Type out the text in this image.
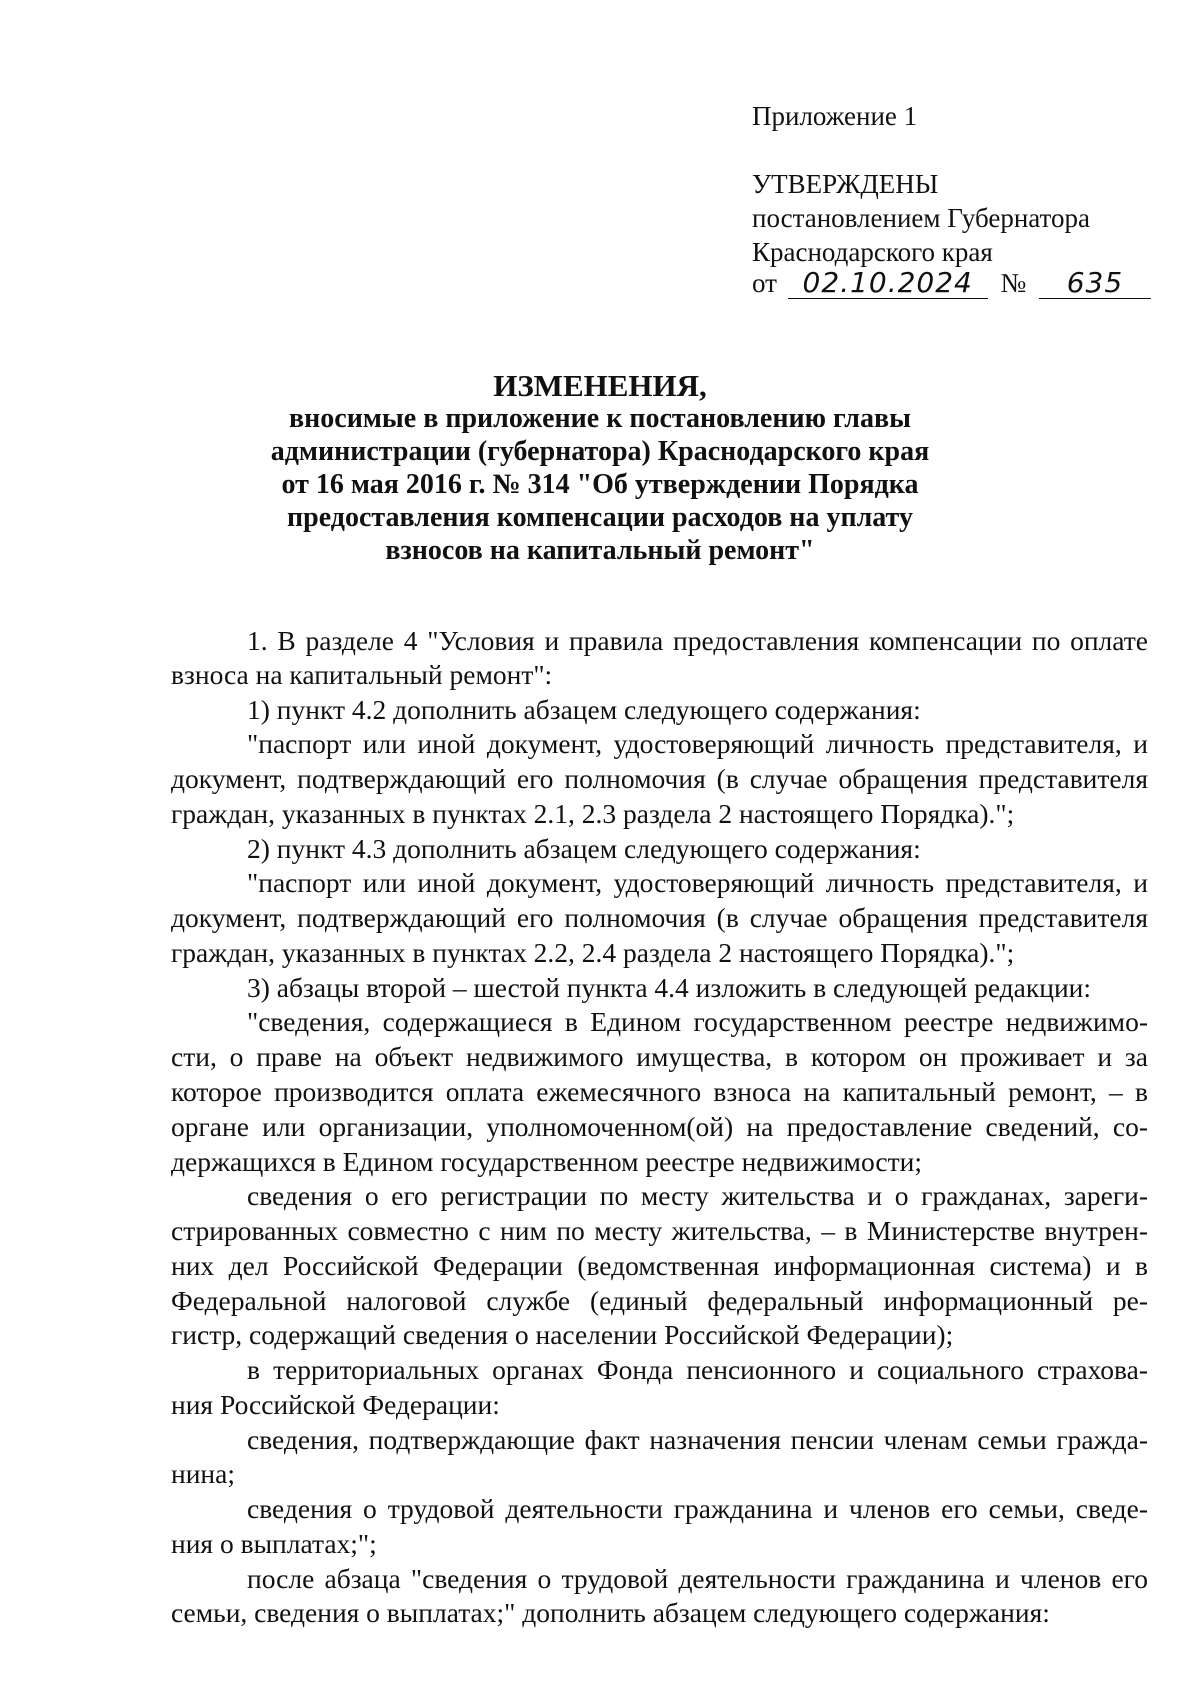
Приложение 1
УТВЕРЖДЕНЫ
постановлением Губернатора
Краснодарского края
от 02.10.2024 № 635
ИЗМЕНЕНИЯ,
вносимые в приложение к постановлению главы
администрации (губернатора) Краснодарского края
от 16 мая 2016 г. № 314 "Об утверждении Порядка
предоставления компенсации расходов на уплату
взносов на капитальный ремонт"
1. В разделе 4 "Условия и правила предоставления компенсации по оплате
взноса на капитальный ремонт":
1) пункт 4.2 дополнить абзацем следующего содержания:
"паспорт или иной документ, удостоверяющий личность представителя, и
документ, подтверждающий его полномочия (в случае обращения представителя
граждан, указанных в пунктах 2.1, 2.3 раздела 2 настоящего Порядка).";
2) пункт 4.3 дополнить абзацем следующего содержания:
"паспорт или иной документ, удостоверяющий личность представителя, и
документ, подтверждающий его полномочия (в случае обращения представителя
граждан, указанных в пунктах 2.2, 2.4 раздела 2 настоящего Порядка).";
3) абзацы второй – шестой пункта 4.4 изложить в следующей редакции:
"сведения, содержащиеся в Едином государственном реестре недвижимо-
сти, о праве на объект недвижимого имущества, в котором он проживает и за
которое производится оплата ежемесячного взноса на капитальный ремонт, – в
органе или организации, уполномоченном(ой) на предоставление сведений, со-
держащихся в Едином государственном реестре недвижимости;
сведения о его регистрации по месту жительства и о гражданах, зареги-
стрированных совместно с ним по месту жительства, – в Министерстве внутрен-
них дел Российской Федерации (ведомственная информационная система) и в
Федеральной налоговой службе (единый федеральный информационный ре-
гистр, содержащий сведения о населении Российской Федерации);
в территориальных органах Фонда пенсионного и социального страхова-
ния Российской Федерации:
сведения, подтверждающие факт назначения пенсии членам семьи гражда-
нина;
сведения о трудовой деятельности гражданина и членов его семьи, сведе-
ния о выплатах;";
после абзаца "сведения о трудовой деятельности гражданина и членов его
семьи, сведения о выплатах;" дополнить абзацем следующего содержания:
